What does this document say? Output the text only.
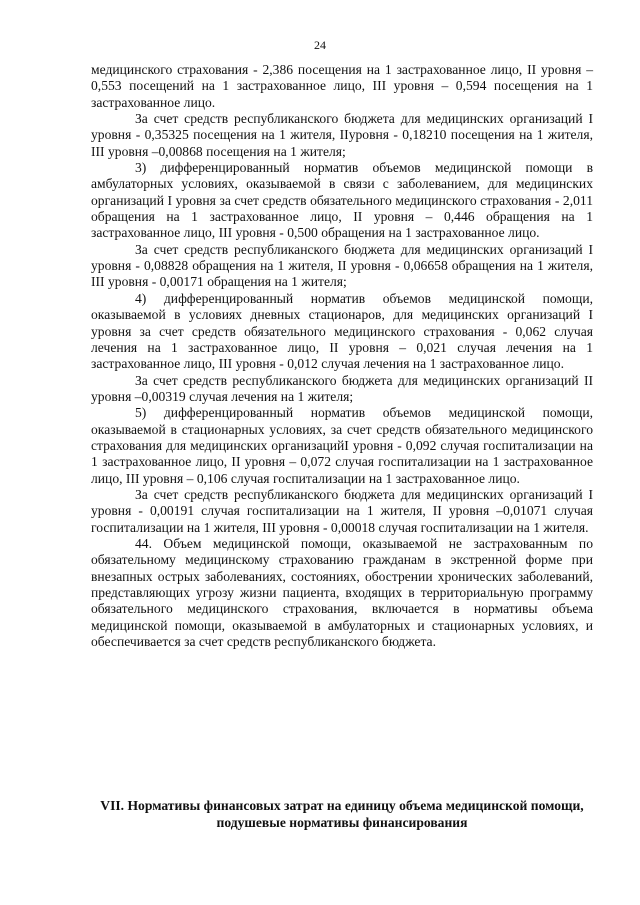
24

медицинского страхования - 2,386 посещения на 1 застрахованное лицо, II уровня – 0,553 посещений на 1 застрахованное лицо, III уровня – 0,594 посещения на 1 застрахованное лицо.

За счет средств республиканского бюджета для медицинских организаций I уровня - 0,35325 посещения на 1 жителя, IIуровня - 0,18210 посещения на 1 жителя, III уровня –0,00868 посещения на 1 жителя;

3) дифференцированный норматив объемов медицинской помощи в амбулаторных условиях, оказываемой в связи с заболеванием, для медицинских организаций I уровня за счет средств обязательного медицинского страхования - 2,011 обращения на 1 застрахованное лицо, II уровня – 0,446 обращения на 1 застрахованное лицо, III уровня - 0,500 обращения на 1 застрахованное лицо.

За счет средств республиканского бюджета для медицинских организаций I уровня - 0,08828 обращения на 1 жителя, II уровня - 0,06658 обращения на 1 жителя, III уровня - 0,00171 обращения на 1 жителя;

4) дифференцированный норматив объемов медицинской помощи, оказываемой в условиях дневных стационаров, для медицинских организаций I уровня за счет средств обязательного медицинского страхования - 0,062 случая лечения на 1 застрахованное лицо, II уровня – 0,021 случая лечения на 1 застрахованное лицо, III уровня - 0,012 случая лечения на 1 застрахованное лицо.

За счет средств республиканского бюджета для медицинских организаций II уровня –0,00319 случая лечения на 1 жителя;

5) дифференцированный норматив объемов медицинской помощи, оказываемой в стационарных условиях, за счет средств обязательного медицинского страхования для медицинских организацийI уровня - 0,092 случая госпитализации на 1 застрахованное лицо, II уровня – 0,072 случая госпитализации на 1 застрахованное лицо, III уровня – 0,106 случая госпитализации на 1 застрахованное лицо.

За счет средств республиканского бюджета для медицинских организаций I уровня - 0,00191 случая госпитализации на 1 жителя, II уровня –0,01071 случая госпитализации на 1 жителя, III уровня - 0,00018 случая госпитализации на 1 жителя.

44. Объем медицинской помощи, оказываемой не застрахованным по обязательному медицинскому страхованию гражданам в экстренной форме при внезапных острых заболеваниях, состояниях, обострении хронических заболеваний, представляющих угрозу жизни пациента, входящих в территориальную программу обязательного медицинского страхования, включается в нормативы объема медицинской помощи, оказываемой в амбулаторных и стационарных условиях, и обеспечивается за счет средств республиканского бюджета.

VII. Нормативы финансовых затрат на единицу объема медицинской помощи, подушевые нормативы финансирования
